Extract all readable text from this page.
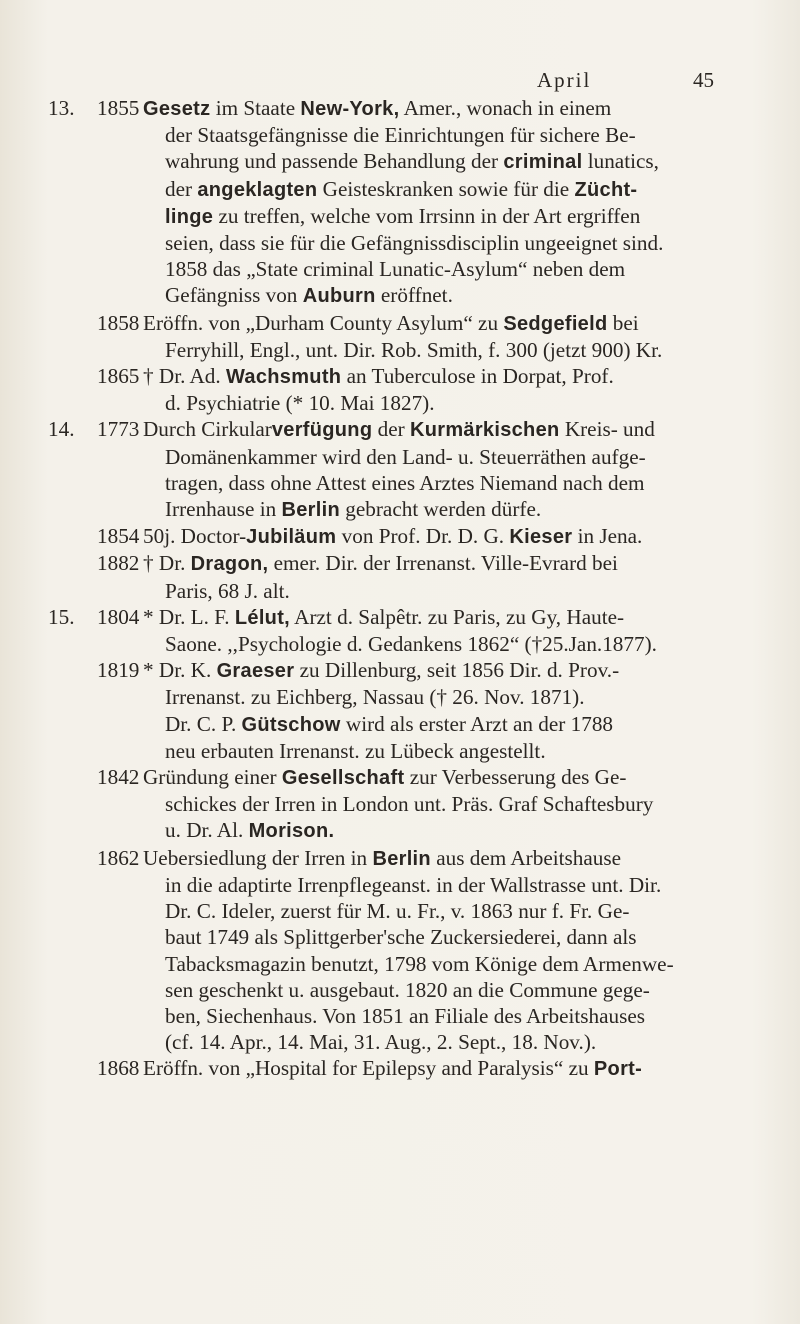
April	45
13. 1855 Gesetz im Staate New-York, Amer., wonach in einem
der Staatsgefängnisse die Einrichtungen für sichere Be-
wahrung und passende Behandlung der criminal lunatics,
der angeklagten Geisteskranken sowie für die Zücht-
linge zu treffen, welche vom Irrsinn in der Art ergriffen
seien, dass sie für die Gefängnissdisciplin ungeeignet sind.
1858 das „State criminal Lunatic-Asylum“ neben dem
Gefängniss von Auburn eröffnet.
1858 Eröffn. von „Durham County Asylum“ zu Sedgefield bei
Ferryhill, Engl., unt. Dir. Rob. Smith, f. 300 (jetzt 900) Kr.
1865 † Dr. Ad. Wachsmuth an Tuberculose in Dorpat, Prof.
d. Psychiatrie (* 10. Mai 1827).
14. 1773 Durch Cirkularverfügung der Kurmärkischen Kreis- und
Domänenkammer wird den Land- u. Steuerräthen aufge-
tragen, dass ohne Attest eines Arztes Niemand nach dem
Irrenhause in Berlin gebracht werden dürfe.
1854 50j. Doctor-Jubiläum von Prof. Dr. D. G. Kieser in Jena.
1882 † Dr. Dragon, emer. Dir. der Irrenanst. Ville-Evrard bei
Paris, 68 J. alt.
15. 1804 * Dr. L. F. Lélut, Arzt d. Salpêtr. zu Paris, zu Gy, Haute-
Saone. ,,Psychologie d. Gedankens 1862“ (†25.Jan.1877).
1819 * Dr. K. Graeser zu Dillenburg, seit 1856 Dir. d. Prov.-
Irrenanst. zu Eichberg, Nassau († 26. Nov. 1871).
Dr. C. P. Gütschow wird als erster Arzt an der 1788
neu erbauten Irrenanst. zu Lübeck angestellt.
1842 Gründung einer Gesellschaft zur Verbesserung des Ge-
schickes der Irren in London unt. Präs. Graf Schaftesbury
u. Dr. Al. Morison.
1862 Uebersiedlung der Irren in Berlin aus dem Arbeitshause
in die adaptirte Irrenpflegeanst. in der Wallstrasse unt. Dir.
Dr. C. Ideler, zuerst für M. u. Fr., v. 1863 nur f. Fr. Ge-
baut 1749 als Splittgerber'sche Zuckersiederei, dann als
Tabacksmagazin benutzt, 1798 vom Könige dem Armenwe-
sen geschenkt u. ausgebaut. 1820 an die Commune gege-
ben, Siechenhaus. Von 1851 an Filiale des Arbeitshauses
(cf. 14. Apr., 14. Mai, 31. Aug., 2. Sept., 18. Nov.).
1868 Eröffn. von „Hospital for Epilepsy and Paralysis“ zu Port-
